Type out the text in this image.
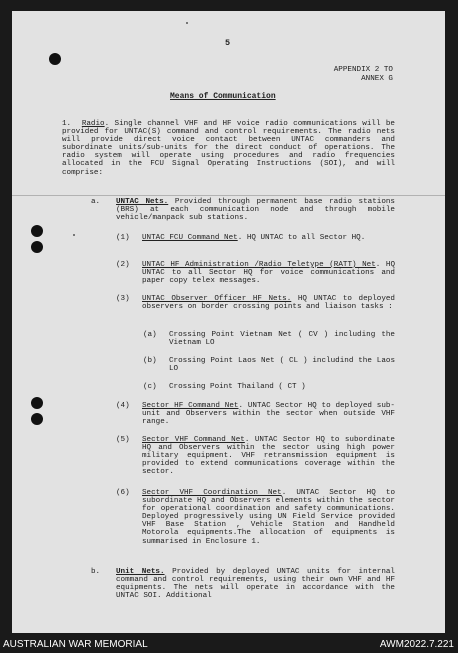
5
APPENDIX 2 TO
ANNEX G
Means of Communication

1. Radio. Single channel VHF and HF voice radio communications will be provided for UNTAC(S) command and control requirements. The radio nets will provide direct voice contact between UNTAC commanders and subordinate units/sub-units for the direct conduct of operations. The radio system will operate using procedures and radio frequencies allocated in the FCU Signal Operating Instructions (SOI), and will comprise:

a. UNTAC Nets. Provided through permanent base radio stations (BRS) at each communication node and through mobile vehicle/manpack sub stations.

(1) UNTAC FCU Command Net. HQ UNTAC to all Sector HQ.

(2) UNTAC HF Administration /Radio Teletype (RATT) Net. HQ UNTAC to all Sector HQ for voice communications and paper copy telex messages.

(3) UNTAC Observer Officer HF Nets. HQ UNTAC to deployed observers on border crossing points and liaison tasks :

(a) Crossing Point Vietnam Net ( CV ) including the Vietnam LO

(b) Crossing Point Laos Net ( CL ) includind the Laos LO

(c) Crossing Point Thailand ( CT )

(4) Sector HF Command Net. UNTAC Sector HQ to deployed sub-unit and Observers within the sector when outside VHF range.

(5) Sector VHF Command Net. UNTAC Sector HQ to subordinate HQ and Observers within the sector using high power military equipment. VHF retransmission equipment is provided to extend communications coverage within the sector.

(6) Sector VHF Coordination Net. UNTAC Sector HQ to subordinate HQ and Observers elements within the sector for operational coordination and safety communications. Deployed progressively using UN Field Service provided VHF Base Station , Vehicle Station and Handheld Motorola equipments.The allocation of equipments is summarised in Enclosure 1.

b. Unit Nets. Provided by deployed UNTAC units for internal command and control requirements, using their own VHF and HF equipments. The nets will operate in accordance with the UNTAC SOI. Additional

AUSTRALIAN WAR MEMORIAL	AWM2022.7.221
